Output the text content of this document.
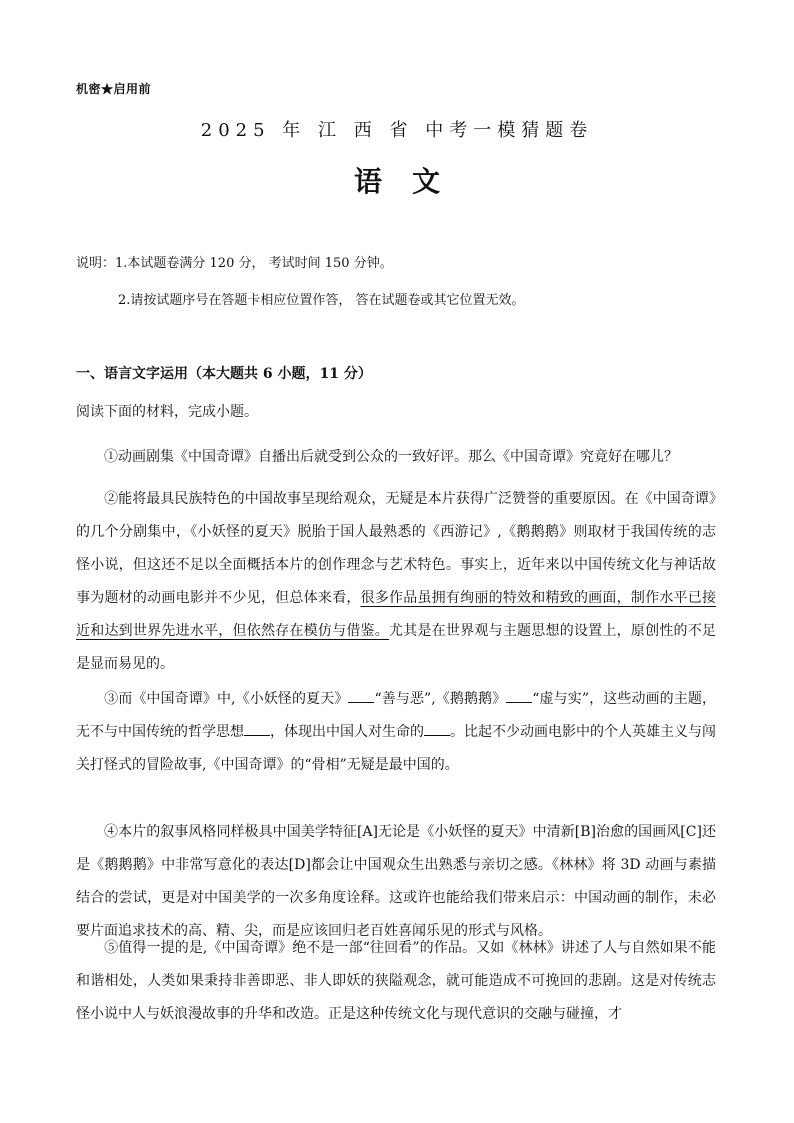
机密★启用前
2025 年 江 西 省 中考一模猜题卷
语文
说明：1.本试题卷满分 120 分， 考试时间 150 分钟。
2.请按试题序号在答题卡相应位置作答， 答在试题卷或其它位置无效。
一、语言文字运用（本大题共 6 小题，11 分）
阅读下面的材料，完成小题。

①动画剧集《中国奇谭》自播出后就受到公众的一致好评。那么《中国奇谭》究竟好在哪儿？

②能将最具民族特色的中国故事呈现给观众，无疑是本片获得广泛赞誉的重要原因。在《中国奇谭》的几个分剧集中，《小妖怪的夏天》脱胎于国人最熟悉的《西游记》,《鹅鹅鹅》则取材于我国传统的志怪小说，但这还不足以全面概括本片的创作理念与艺术特色。事实上，近年来以中国传统文化与神话故事为题材的动画电影并不少见，但总体来看，很多作品虽拥有绚丽的特效和精致的画面，制作水平已接近和达到世界先进水平，但依然存在模仿与借鉴。尤其是在世界观与主题思想的设置上，原创性的不足是显而易见的。

③而《中国奇谭》中,《小妖怪的夏天》 “善与恶”,《鹅鹅鹅》 “虚与实”，这些动画的主题，无不与中国传统的哲学思想 ，体现出中国人对生命的 。比起不少动画电影中的个人英雄主义与闯关打怪式的冒险故事,《中国奇谭》的“骨相”无疑是最中国的。

④本片的叙事风格同样极具中国美学特征[A]无论是《小妖怪的夏天》中清新[B]治愈的国画风[C]还是《鹅鹅鹅》中非常写意化的表达[D]都会让中国观众生出熟悉与亲切之感。《林林》将 3D 动画与素描结合的尝试，更是对中国美学的一次多角度诠释。这或许也能给我们带来启示：中国动画的制作，未必要片面追求技术的高、精、尖，而是应该回归老百姓喜闻乐见的形式与风格。

⑤值得一提的是,《中国奇谭》绝不是一部“往回看”的作品。又如《林林》讲述了人与自然如果不能和谐相处，人类如果秉持非善即恶、非人即妖的狭隘观念，就可能造成不可挽回的悲剧。这是对传统志怪小说中人与妖浪漫故事的升华和改造。正是这种传统文化与现代意识的交融与碰撞，才
